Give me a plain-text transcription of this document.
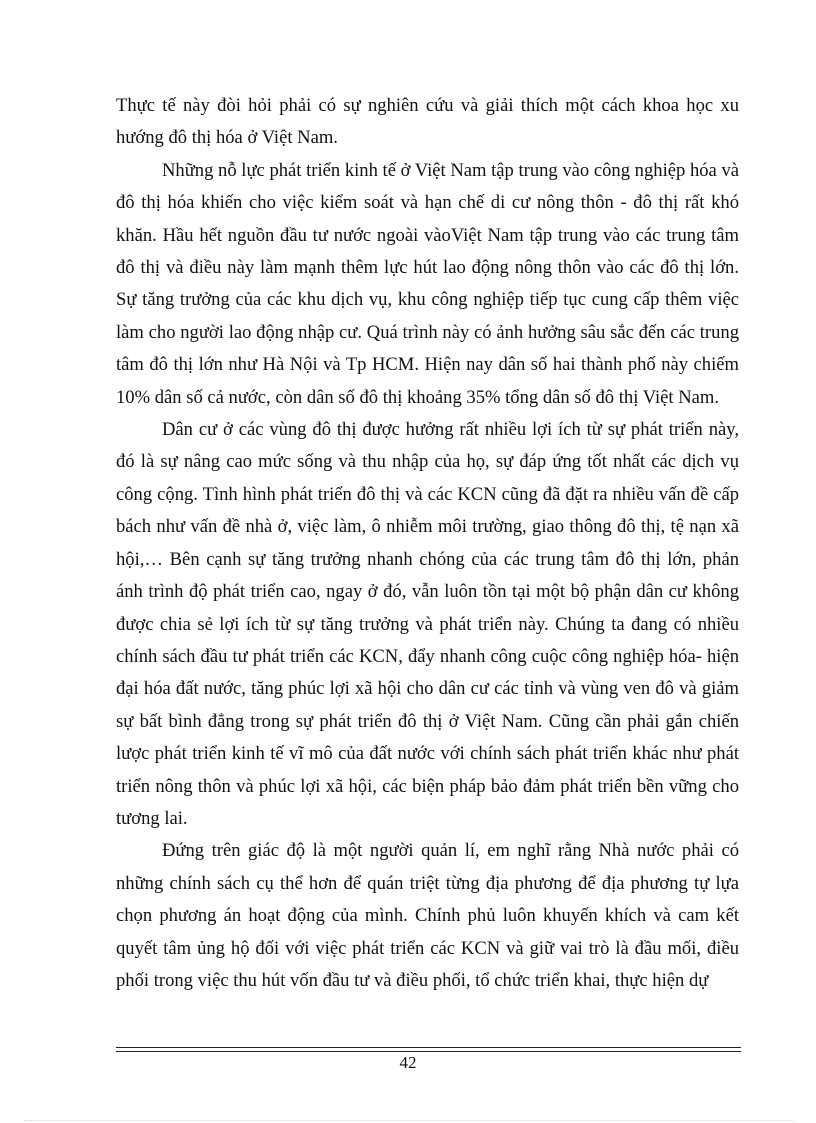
Thực tế này đòi hỏi phải có sự nghiên cứu và giải thích một cách khoa học xu hướng đô thị hóa ở Việt Nam.

Những nỗ lực phát triển kinh tế ở Việt Nam tập trung vào công nghiệp hóa và đô thị hóa khiến cho việc kiểm soát và hạn chế di cư nông thôn - đô thị rất khó khăn. Hầu hết nguồn đầu tư nước ngoài vàoViệt Nam tập trung vào các trung tâm đô thị và điều này làm mạnh thêm lực hút lao động nông thôn vào các đô thị lớn. Sự tăng trưởng của các khu dịch vụ, khu công nghiệp tiếp tục cung cấp thêm việc làm cho người lao động nhập cư. Quá trình này có ảnh hưởng sâu sắc đến các trung tâm đô thị lớn như Hà Nội và Tp HCM. Hiện nay dân số hai thành phố này chiếm 10% dân số cả nước, còn dân số đô thị khoảng 35% tổng dân số đô thị Việt Nam.

Dân cư ở các vùng đô thị được hưởng rất nhiều lợi ích từ sự phát triển này, đó là sự nâng cao mức sống và thu nhập của họ, sự đáp ứng tốt nhất các dịch vụ công cộng. Tình hình phát triển đô thị và các KCN cũng đã đặt ra nhiều vấn đề cấp bách như vấn đề nhà ở, việc làm, ô nhiễm môi trường, giao thông đô thị, tệ nạn xã hội,… Bên cạnh sự tăng trưởng nhanh chóng của các trung tâm đô thị lớn, phản ánh trình độ phát triển cao, ngay ở đó, vẫn luôn tồn tại một bộ phận dân cư không được chia sẻ lợi ích từ sự tăng trưởng và phát triển này. Chúng ta đang có nhiều chính sách đầu tư phát triển các KCN, đẩy nhanh công cuộc công nghiệp hóa- hiện đại hóa đất nước, tăng phúc lợi xã hội cho dân cư các tỉnh và vùng ven đô và giảm sự bất bình đẳng trong sự phát triển đô thị ở Việt Nam. Cũng cần phải gắn chiến lược phát triển kinh tế vĩ mô của đất nước với chính sách phát triển khác như phát triển nông thôn và phúc lợi xã hội, các biện pháp bảo đảm phát triển bền vững cho tương lai.

Đứng trên giác độ là một người quản lí, em nghĩ rằng Nhà nước phải có những chính sách cụ thể hơn để quán triệt từng địa phương để địa phương tự lựa chọn phương án hoạt động của mình. Chính phủ luôn khuyến khích và cam kết quyết tâm ủng hộ đối với việc phát triển các KCN và giữ vai trò là đầu mối, điều phối trong việc thu hút vốn đầu tư và điều phối, tổ chức triển khai, thực hiện dự

42
